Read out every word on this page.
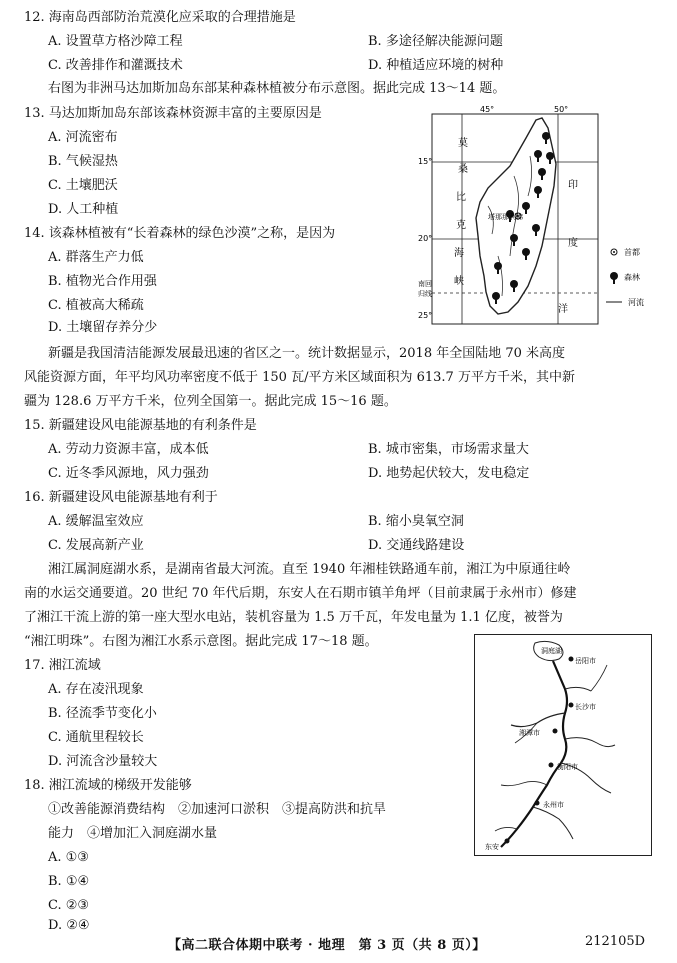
12. 海南岛西部防治荒漠化应采取的合理措施是
A. 设置草方格沙障工程	B. 多途径解决能源问题
C. 改善排作和灌溉技术	D. 种植适应环境的树种
右图为非洲马达加斯加岛东部某种森林植被分布示意图。据此完成 13～14 题。
13. 马达加斯加岛东部该森林资源丰富的主要原因是
A. 河流密布
B. 气候湿热
C. 土壤肥沃
D. 人工种植
14. 该森林植被有“长着森林的绿色沙漠”之称，是因为
A. 群落生产力低
B. 植物光合作用强
C. 植被高大稀疏
D. 土壤留存养分少
45°	50°
15°
20°
25°
莫
桑
比
克
海
峡
印
度
洋
塔那那利佛
南回
归线
首都
森林
河流
新疆是我国清洁能源发展最迅速的省区之一。统计数据显示，2018 年全国陆地 70 米高度
风能资源方面，年平均风功率密度不低于 150 瓦/平方米区域面积为 613.7 万平方千米，其中新
疆为 128.6 万平方千米，位列全国第一。据此完成 15～16 题。
15. 新疆建设风电能源基地的有利条件是
A. 劳动力资源丰富，成本低	B. 城市密集，市场需求量大
C. 近冬季风源地，风力强劲	D. 地势起伏较大，发电稳定
16. 新疆建设风电能源基地有利于
A. 缓解温室效应	B. 缩小臭氧空洞
C. 发展高新产业	D. 交通线路建设
湘江属洞庭湖水系，是湖南省最大河流。直至 1940 年湘桂铁路通车前，湘江为中原通往岭
南的水运交通要道。20 世纪 70 年代后期，东安人在石期市镇羊角坪（目前隶属于永州市）修建
了湘江干流上游的第一座大型水电站，装机容量为 1.5 万千瓦，年发电量为 1.1 亿度，被誉为
“湘江明珠”。右图为湘江水系示意图。据此完成 17～18 题。
17. 湘江流域
A. 存在凌汛现象
B. 径流季节变化小
C. 通航里程较长
D. 河流含沙量较大
18. 湘江流域的梯级开发能够
①改善能源消费结构　②加速河口淤积　③提高防洪和抗旱
能力　④增加汇入洞庭湖水量
A. ①③
B. ①④
C. ②③
D. ②④
洞庭湖
岳阳市
长沙市
湘潭市
衡阳市
永州市
东安
【高二联合体期中联考 · 地理　第 3 页（共 8 页）】	212105D
